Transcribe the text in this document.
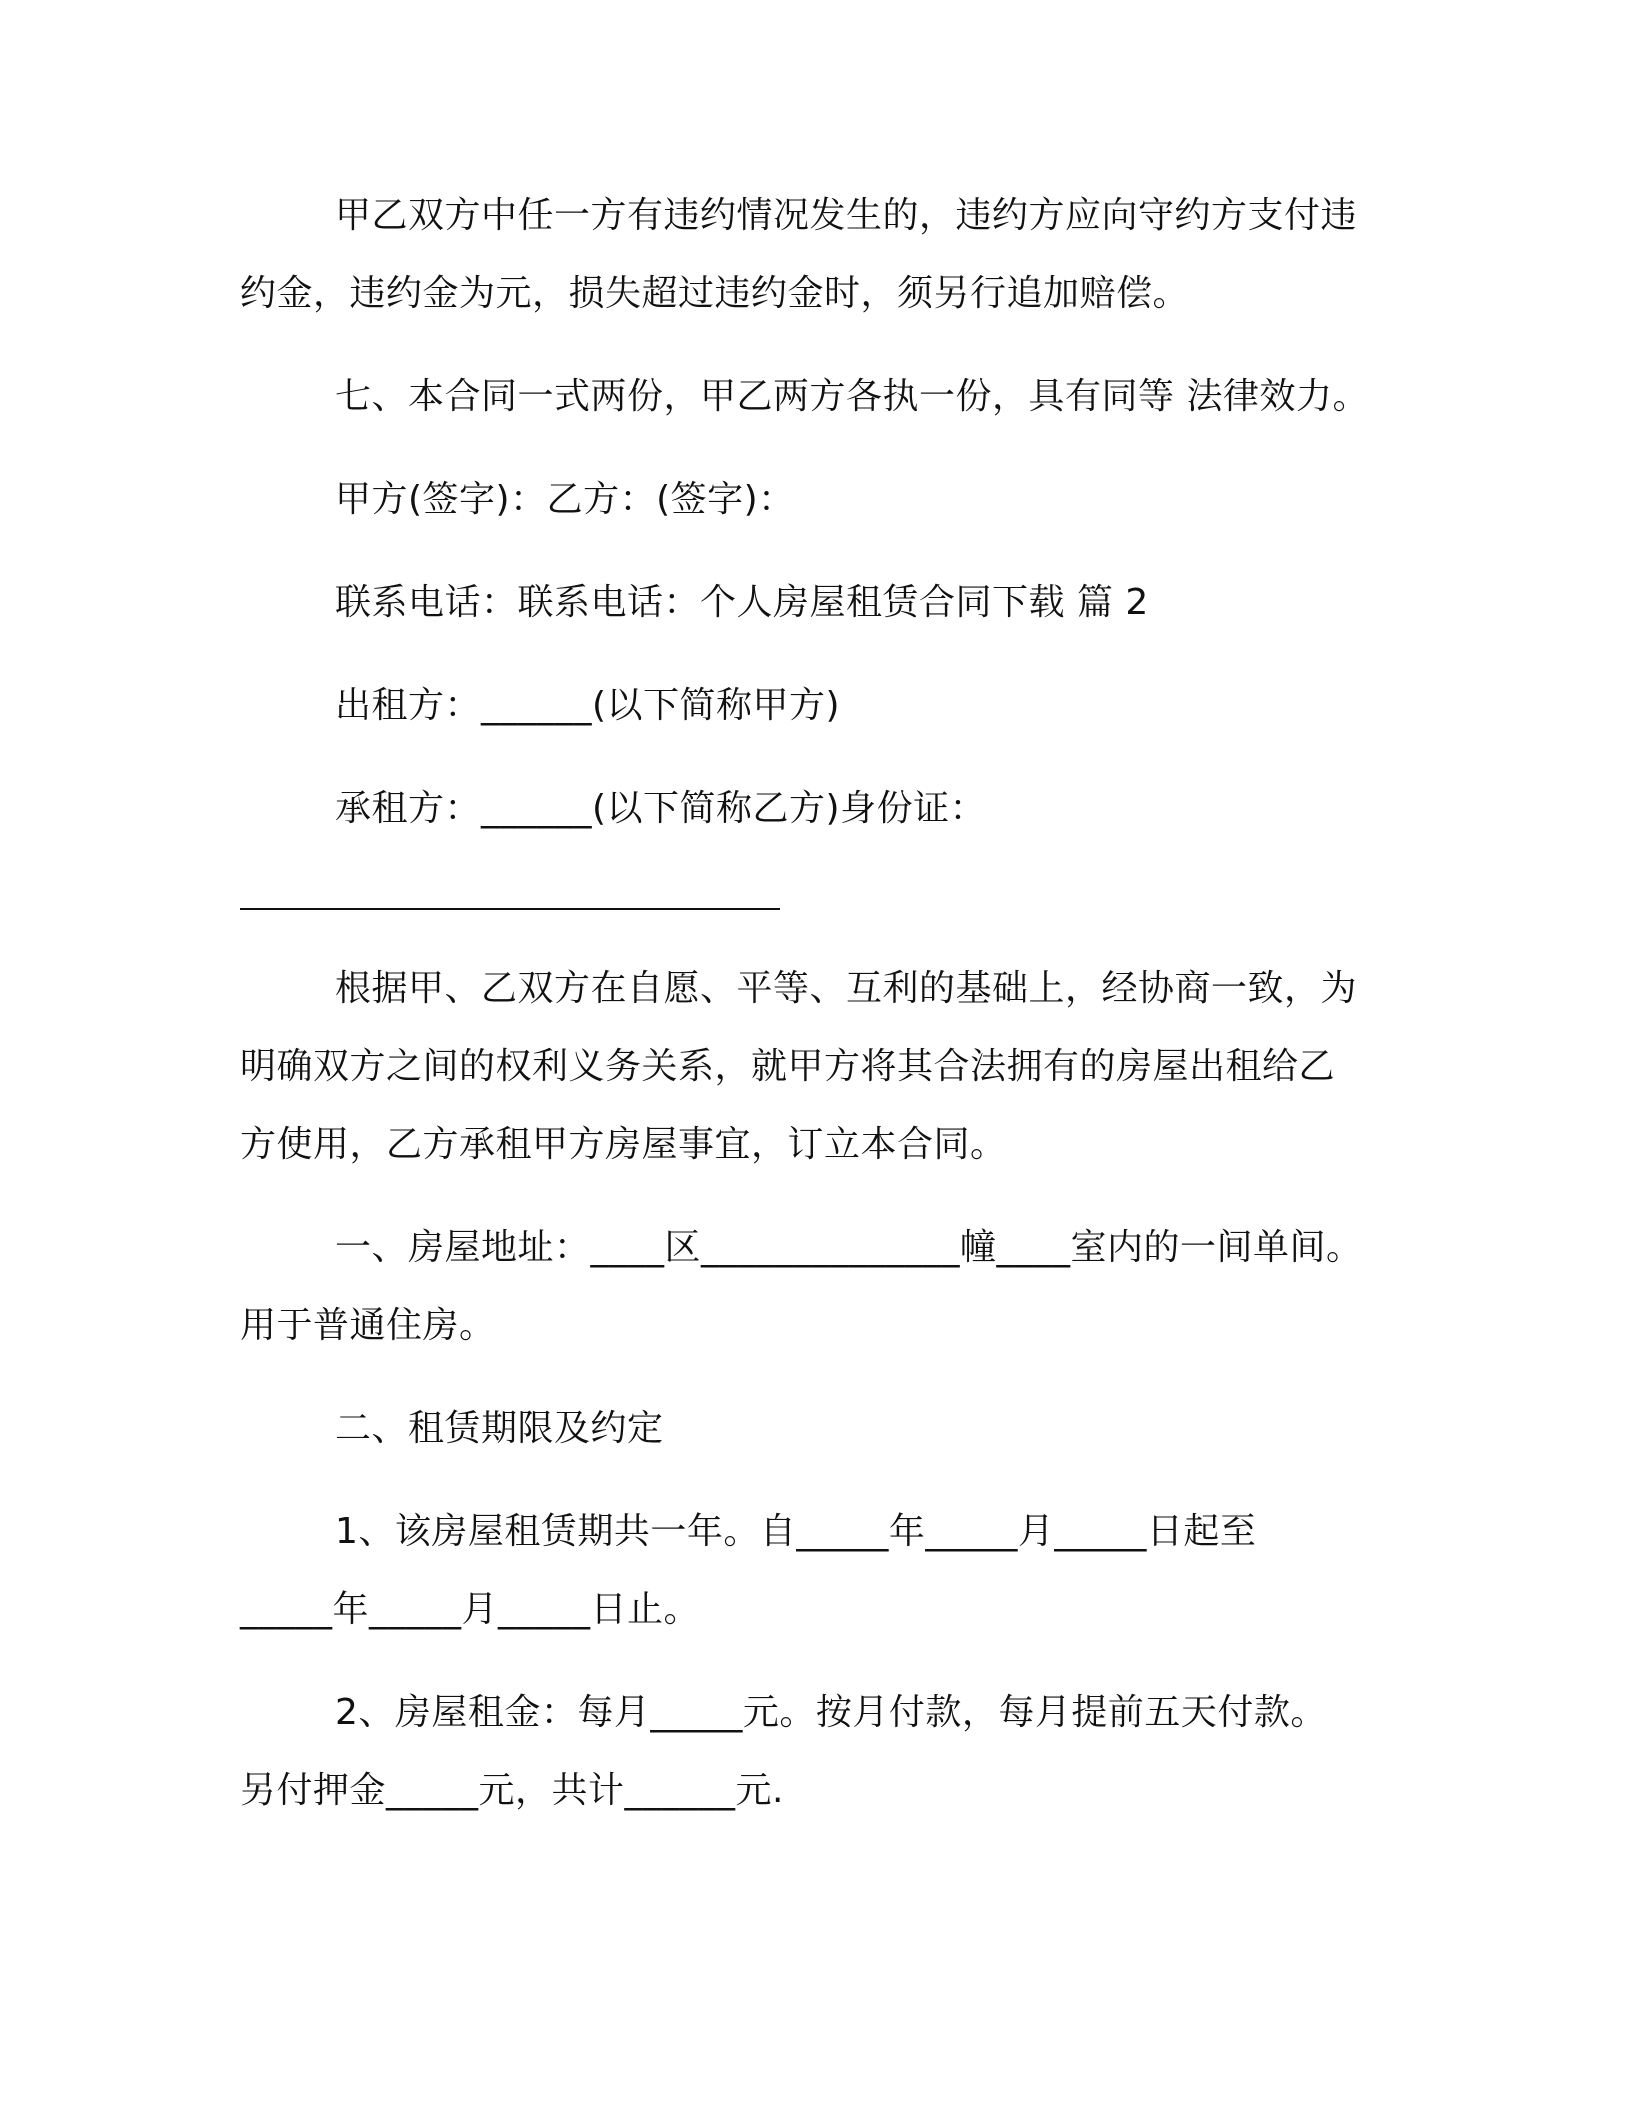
甲乙双方中任一方有违约情况发生的，违约方应向守约方支付违
约金，违约金为元，损失超过违约金时，须另行追加赔偿。
七、本合同一式两份，甲乙两方各执一份，具有同等 法律效力。
甲方(签字)：乙方：(签字)：
联系电话：联系电话：个人房屋租赁合同下载 篇 2
出租方：______(以下简称甲方)
承租方：______(以下简称乙方)身份证：
根据甲、乙双方在自愿、平等、互利的基础上，经协商一致，为
明确双方之间的权利义务关系，就甲方将其合法拥有的房屋出租给乙
方使用，乙方承租甲方房屋事宜，订立本合同。
一、房屋地址：____区______________幢____室内的一间单间。
用于普通住房。
二、租赁期限及约定
1、该房屋租赁期共一年。自_____年_____月_____日起至
_____年_____月_____日止。
2、房屋租金：每月_____元。按月付款，每月提前五天付款。
另付押金_____元，共计______元.
